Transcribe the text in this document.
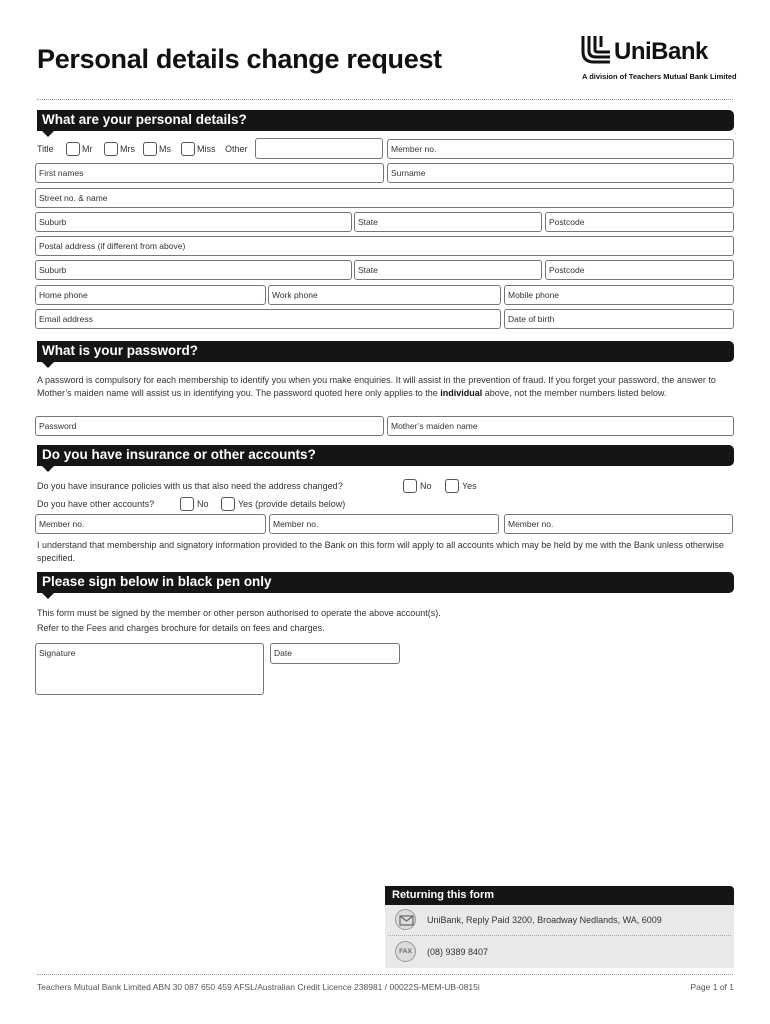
Personal details change request	UniBank
A division of Teachers Mutual Bank Limited
What are your personal details?
Title	Mr	Mrs	Ms	Miss Other	Member no.
First names	Surname
Street no. & name
Suburb	State	Postcode
Postal address (if different from above)
Suburb	State	Postcode
Home phone	Work phone	Mobile phone
Email address	Date of birth
What is your password?
A password is compulsory for each membership to identify you when you make enquiries. It will assist in the prevention of fraud. If you forget your password, the answer to Mother’s maiden name will assist us in identifying you. The password quoted here only applies to the individual above, not the member numbers listed below.
Password	Mother’s maiden name
Do you have insurance or other accounts?
Do you have insurance policies with us that also need the address changed?	No	Yes
Do you have other accounts?	No	Yes (provide details below)
Member no.	Member no.	Member no.
I understand that membership and signatory information provided to the Bank on this form will apply to all accounts which may be held by me with the Bank unless otherwise specified.
Please sign below in black pen only
This form must be signed by the member or other person authorised to operate the above account(s).
Refer to the Fees and charges brochure for details on fees and charges.
Signature	Date
Returning this form
UniBank, Reply Paid 3200, Broadway Nedlands, WA, 6009
FAX	(08) 9389 8407
Teachers Mutual Bank Limited ABN 30 087 650 459 AFSL/Australian Credit Licence 238981 / 00022S-MEM-UB-0815i	Page 1 of 1
